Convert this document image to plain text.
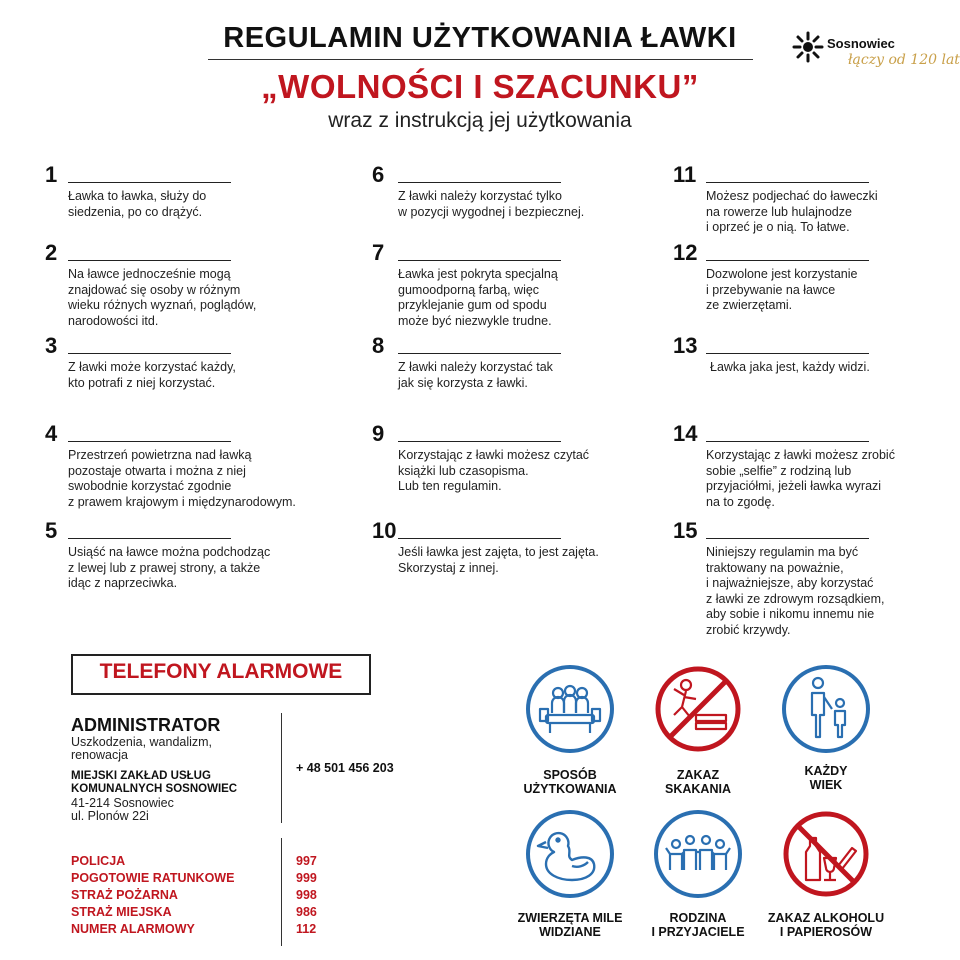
REGULAMIN UŻYTKOWANIA ŁAWKI
„WOLNOŚCI I SZACUNKU”
wraz z instrukcją jej użytkowania
Sosnowiec
łączy od 120 lat
1
Ławka to ławka, służy do
siedzenia, po co drążyć.
2
Na ławce jednocześnie mogą
znajdować się osoby w różnym
wieku różnych wyznań, poglądów,
narodowości itd.
3
Z ławki może korzystać każdy,
kto potrafi z niej korzystać.
4
Przestrzeń powietrzna nad ławką
pozostaje otwarta i można z niej
swobodnie korzystać zgodnie
z prawem krajowym i międzynarodowym.
5
Usiąść na ławce można podchodząc
z lewej lub z prawej strony, a także
idąc z naprzeciwka.
6
Z ławki należy korzystać tylko
w pozycji wygodnej i bezpiecznej.
7
Ławka jest pokryta specjalną
gumoodporną farbą, więc
przyklejanie gum od spodu
może być niezwykle trudne.
8
Z ławki należy korzystać tak
jak się korzysta z ławki.
9
Korzystając z ławki możesz czytać
książki lub czasopisma.
Lub ten regulamin.
10
Jeśli ławka jest zajęta, to jest zajęta.
Skorzystaj z innej.
11
Możesz podjechać do ławeczki
na rowerze lub hulajnodze
i oprzeć je o nią. To łatwe.
12
Dozwolone jest korzystanie
i przebywanie na ławce
ze zwierzętami.
13
Ławka jaka jest, każdy widzi.
14
Korzystając z ławki możesz zrobić
sobie „selfie” z rodziną lub
przyjaciółmi, jeżeli ławka wyrazi
na to zgodę.
15
Niniejszy regulamin ma być
traktowany na poważnie,
i najważniejsze, aby korzystać
z ławki ze zdrowym rozsądkiem,
aby sobie i nikomu innemu nie
zrobić krzywdy.
TELEFONY ALARMOWE
ADMINISTRATOR
Uszkodzenia, wandalizm,
renowacja
MIEJSKI ZAKŁAD USŁUG
KOMUNALNYCH SOSNOWIEC
41-214 Sosnowiec
ul. Plonów 22i
+ 48 501 456 203
POLICJA	997
POGOTOWIE RATUNKOWE	999
STRAŻ POŻARNA	998
STRAŻ MIEJSKA	986
NUMER ALARMOWY	112
SPOSÓB
UŻYTKOWANIA
ZAKAZ
SKAKANIA
KAŻDY
WIEK
ZWIERZĘTA MILE
WIDZIANE
RODZINA
I PRZYJACIELE
ZAKAZ ALKOHOLU
I PAPIEROSÓW
